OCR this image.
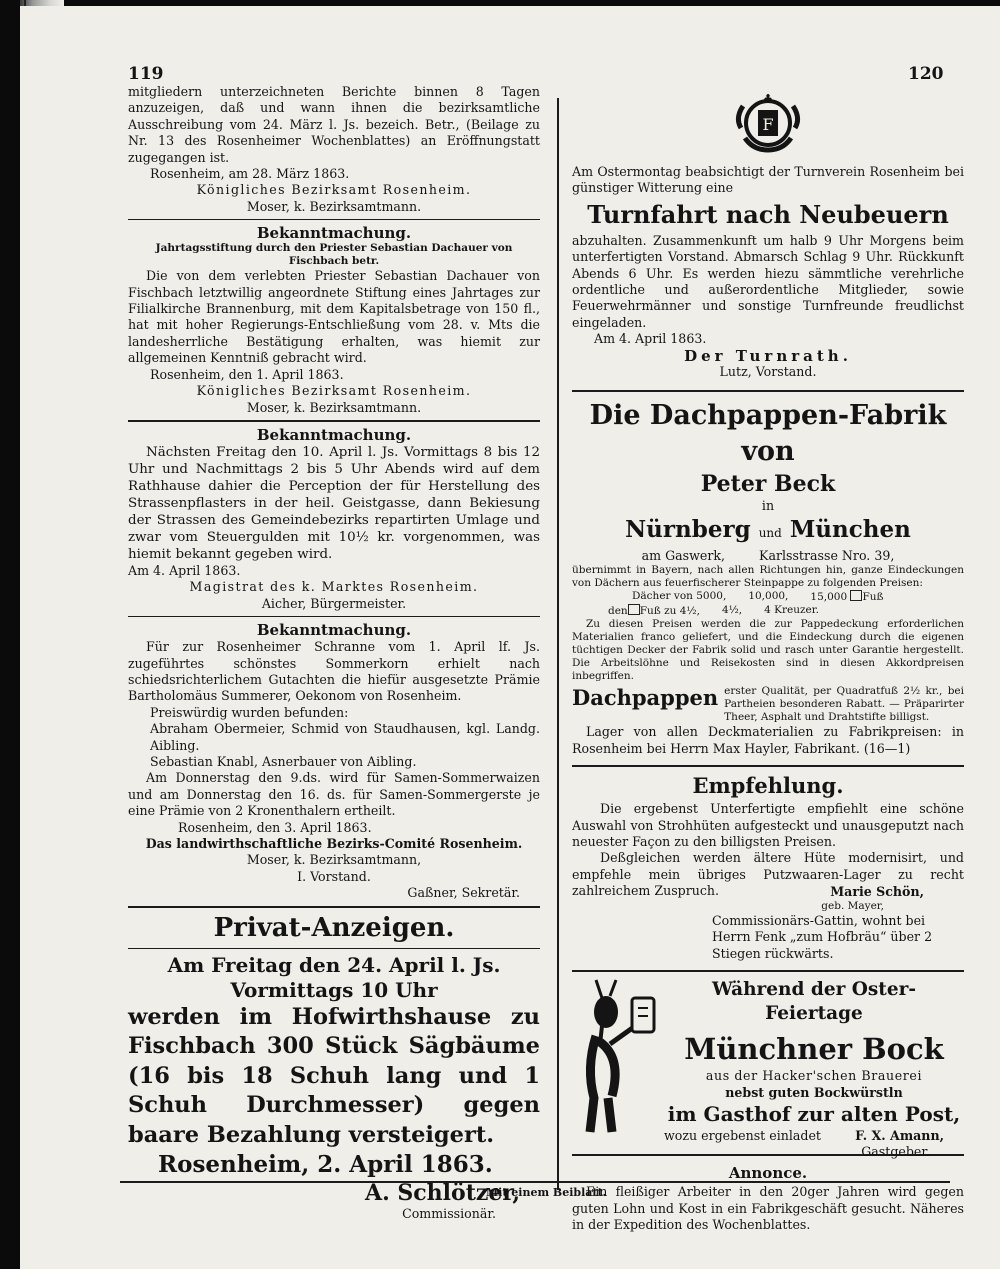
119	120

mitgliedern unterzeichneten Berichte binnen 8 Tagen anzuzeigen, daß und wann ihnen die bezirksamtliche Ausschreibung vom 24. März l. Js. bezeich. Betr., (Beilage zu Nr. 13 des Rosenheimer Wochenblattes) an Eröffnungstatt zugegangen ist.

Rosenheim, am 28. März 1863.

Königliches Bezirksamt Rosenheim.

Moser, k. Bezirksamtmann.

Bekanntmachung.

Jahrtagsstiftung durch den Priester Sebastian Dachauer von Fischbach betr.

Die von dem verlebten Priester Sebastian Dachauer von Fischbach letztwillig angeordnete Stiftung eines Jahrtages zur Filialkirche Brannenburg, mit dem Kapitalsbetrage von 150 fl., hat mit hoher Regierungs-Entschließung vom 28. v. Mts die landesherrliche Bestätigung erhalten, was hiemit zur allgemeinen Kenntniß gebracht wird.

Rosenheim, den 1. April 1863.

Königliches Bezirksamt Rosenheim.

Moser, k. Bezirksamtmann.

Bekanntmachung.

Nächsten Freitag den 10. April l. Js. Vormittags 8 bis 12 Uhr und Nachmittags 2 bis 5 Uhr Abends wird auf dem Rathhause dahier die Perception der für Herstellung des Strassenpflasters in der heil. Geistgasse, dann Bekiesung der Strassen des Gemeindebezirks repartirten Umlage und zwar vom Steuergulden mit 10½ kr. vorgenommen, was hiemit bekannt gegeben wird.

Am 4. April 1863.

Magistrat des k. Marktes Rosenheim.

Aicher, Bürgermeister.

Bekanntmachung.

Für zur Rosenheimer Schranne vom 1. April lf. Js. zugeführtes schönstes Sommerkorn erhielt nach schiedsrichterlichem Gutachten die hiefür ausgesetzte Prämie Bartholomäus Summerer, Oekonom von Rosenheim.

Preiswürdig wurden befunden:

Abraham Obermeier, Schmid von Staudhausen, kgl. Landg. Aibling.

Sebastian Knabl, Asnerbauer von Aibling.

Am Donnerstag den 9.ds. wird für Samen-Sommerwaizen und am Donnerstag den 16. ds. für Samen-Sommergerste je eine Prämie von 2 Kronenthalern ertheilt.

Rosenheim, den 3. April 1863.

Das landwirthschaftliche Bezirks-Comité Rosenheim.

Moser, k. Bezirksamtmann,

I. Vorstand.

Gaßner, Sekretär.

Privat-Anzeigen.

Am Freitag den 24. April l. Js.

Vormittags 10 Uhr

werden im Hofwirthshause zu Fischbach 300 Stück Sägbäume (16 bis 18 Schuh lang und 1 Schuh Durchmesser) gegen baare Bezahlung versteigert.

Rosenheim, 2. April 1863.

A. Schlötzer,

Commissionär.

F
♣

Am Ostermontag beabsichtigt der Turnverein Rosenheim bei günstiger Witterung eine

Turnfahrt nach Neubeuern

abzuhalten. Zusammenkunft um halb 9 Uhr Morgens beim unterfertigten Vorstand. Abmarsch Schlag 9 Uhr. Rückkunft Abends 6 Uhr. Es werden hiezu sämmtliche verehrliche ordentliche und außerordentliche Mitglieder, sowie Feuerwehrmänner und sonstige Turnfreunde freudlichst eingeladen.

Am 4. April 1863.

Der Turnrath.

Lutz, Vorstand.

Die Dachpappen-Fabrik von

Peter Beck

in

Nürnberg und München
am Gaswerk,	Karlsstrasse Nro. 39,

übernimmt in Bayern, nach allen Richtungen hin, ganze Eindeckungen von Dächern aus feuerfischerer Steinpappe zu folgenden Preisen:

Dächer von 5000, 10,000, 15,000 Fuß
den Fuß zu 4½, 4½, 4 Kreuzer.

Zu diesen Preisen werden die zur Pappedeckung erforderlichen Materialien franco geliefert, und die Eindeckung durch die eigenen tüchtigen Decker der Fabrik solid und rasch unter Garantie hergestellt. Die Arbeitslöhne und Reisekosten sind in diesen Akkordpreisen inbegriffen.

Dachpappen erster Qualität, per Quadratfuß 2½ kr., bei Partheien besonderen Rabatt. — Präparirter Theer, Asphalt und Drahtstifte billigst.

Lager von allen Deckmaterialien zu Fabrikpreisen: in Rosenheim bei Herrn Max Hayler, Fabrikant. (16—1)

Empfehlung.

Die ergebenst Unterfertigte empfiehlt eine schöne Auswahl von Strohhüten aufgesteckt und unausgeputzt nach neuester Façon zu den billigsten Preisen.

Deßgleichen werden ältere Hüte modernisirt, und empfehle mein übriges Putzwaaren-Lager zu recht zahlreichem Zuspruch.	Marie Schön,

geb. Mayer,

Commissionärs-Gattin, wohnt bei Herrn Fenk „zum Hofbräu“ über 2 Stiegen rückwärts.

Während der Oster-Feiertage

Münchner Bock

aus der Hacker'schen Brauerei

nebst guten Bockwürstln

im Gasthof zur alten Post,

wozu ergebenst einladet	F. X. Amann,

Gastgeber.

Annonce.

Ein fleißiger Arbeiter in den 20ger Jahren wird gegen guten Lohn und Kost in ein Fabrikgeschäft gesucht. Näheres in der Expedition des Wochenblattes.

Mit einem Beiblatt.
